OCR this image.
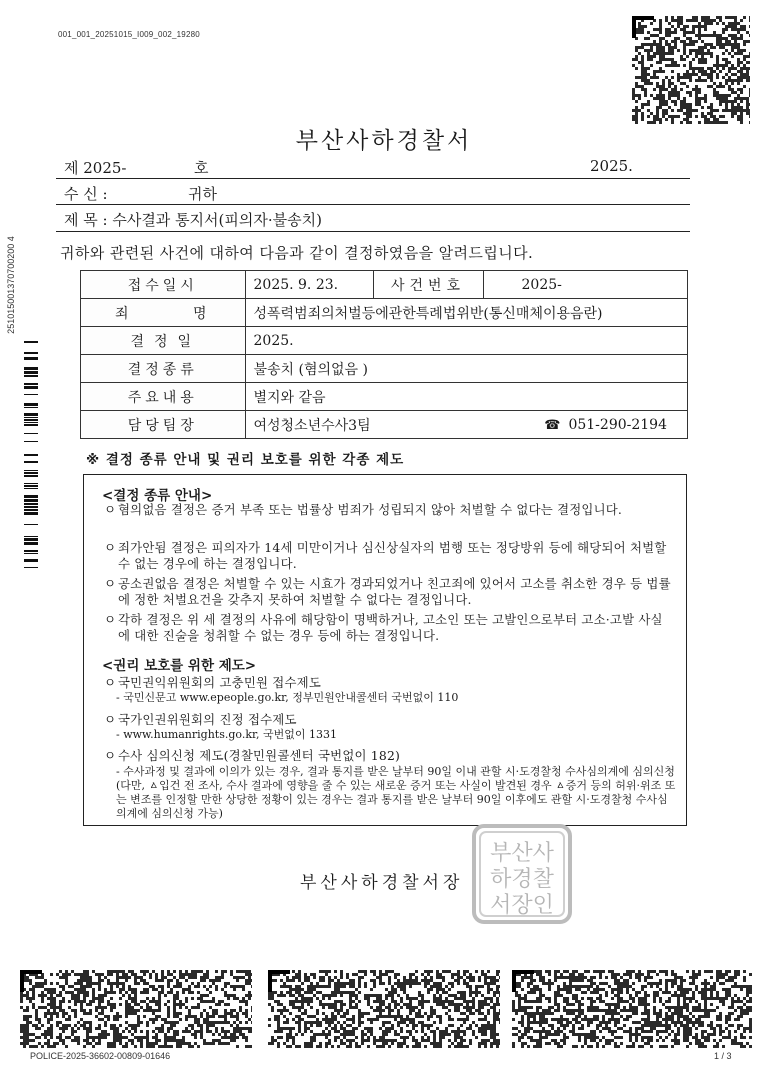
001_001_20251015_I009_002_19280
251015001370700200 4
부산사하경찰서
제 2025-	호	2025.
수 신 :	귀하
제 목 : 수사결과 통지서(피의자·불송치)
귀하와 관련된 사건에 대하여 다음과 같이 결정하였음을 알려드립니다.
접수일시	2025. 9. 23.	사건번호	2025-
죄 명	성폭력범죄의처벌등에관한특례법위반(통신매체이용음란)		
결정일	2025.		
결정종류	불송치 (혐의없음 )		
주요내용	별지와 같음		
담당팀장	여성청소년수사3팀		☎ 051-290-2194
※ 결정 종류 안내 및 권리 보호를 위한 각종 제도
<결정 종류 안내>
ㅇ 혐의없음 결정은 증거 부족 또는 법률상 범죄가 성립되지 않아 처벌할 수 없다는 결정입니다.
ㅇ 죄가안됨 결정은 피의자가 14세 미만이거나 심신상실자의 범행 또는 정당방위 등에 해당되어 처벌할 수 없는 경우에 하는 결정입니다.
ㅇ 공소권없음 결정은 처벌할 수 있는 시효가 경과되었거나 친고죄에 있어서 고소를 취소한 경우 등 법률에 정한 처벌요건을 갖추지 못하여 처벌할 수 없다는 결정입니다.
ㅇ 각하 결정은 위 세 결정의 사유에 해당함이 명백하거나, 고소인 또는 고발인으로부터 고소·고발 사실에 대한 진술을 청취할 수 없는 경우 등에 하는 결정입니다.
<권리 보호를 위한 제도>
ㅇ 국민권익위원회의 고충민원 접수제도
- 국민신문고 www.epeople.go.kr, 정부민원안내콜센터 국번없이 110
ㅇ 국가인권위원회의 진정 접수제도
- www.humanrights.go.kr, 국번없이 1331
ㅇ 수사 심의신청 제도(경찰민원콜센터 국번없이 182)
- 수사과정 및 결과에 이의가 있는 경우, 결과 통지를 받은 날부터 90일 이내 관할 시·도경찰청 수사심의계에 심의신청 (다만, ㅿ입건 전 조사, 수사 결과에 영향을 줄 수 있는 새로운 증거 또는 사실이 발견된 경우 ㅿ증거 등의 허위·위조 또는 변조를 인정할 만한 상당한 정황이 있는 경우는 결과 통지를 받은 날부터 90일 이후에도 관할 시·도경찰청 수사심의계에 심의신청 가능)
부산사하경찰서장
부산사
하경찰
서장인
POLICE-2025-36602-00809-01646	1 / 3
